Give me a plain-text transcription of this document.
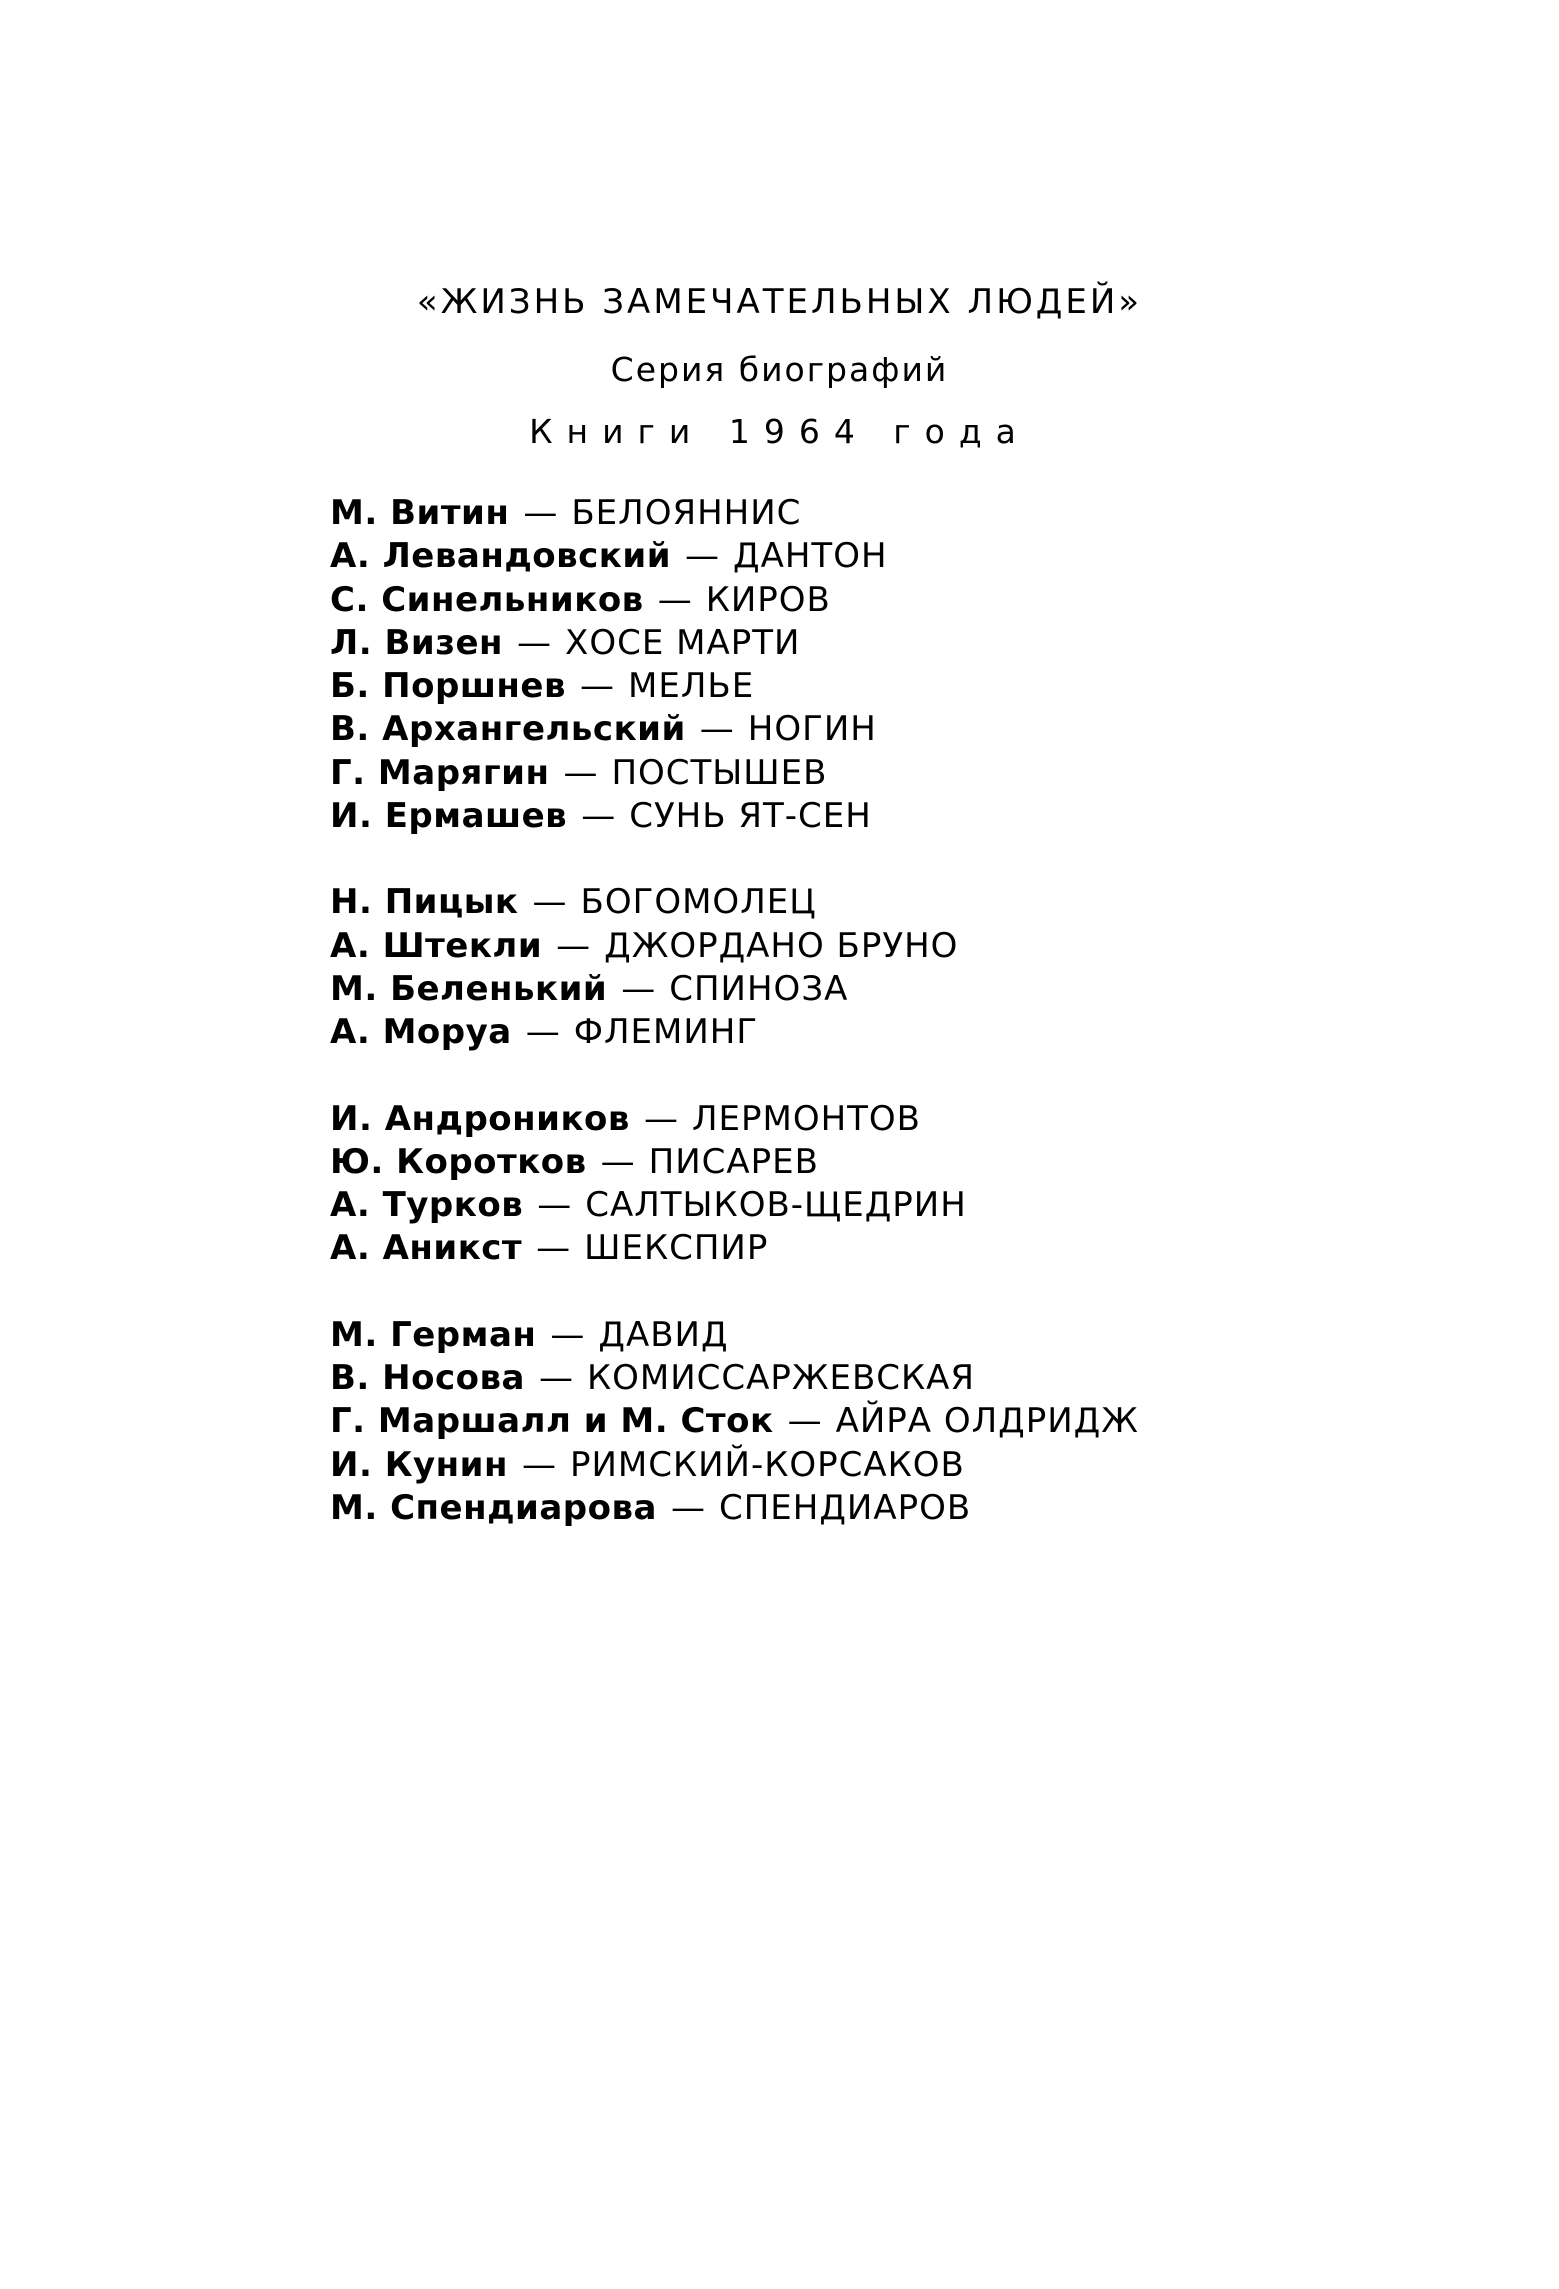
«ЖИЗНЬ ЗАМЕЧАТЕЛЬНЫХ ЛЮДЕЙ»
Серия биографий
Книги 1964 года
М. Витин — БЕЛОЯННИС
А. Левандовский — ДАНТОН
С. Синельников — КИРОВ
Л. Визен — ХОСЕ МАРТИ
Б. Поршнев — МЕЛЬЕ
В. Архангельский — НОГИН
Г. Марягин — ПОСТЫШЕВ
И. Ермашев — СУНЬ ЯТ-СЕН
Н. Пицык — БОГОМОЛЕЦ
А. Штекли — ДЖОРДАНО БРУНО
М. Беленький — СПИНОЗА
А. Моруа — ФЛЕМИНГ
И. Андроников — ЛЕРМОНТОВ
Ю. Коротков — ПИСАРЕВ
А. Турков — САЛТЫКОВ-ЩЕДРИН
А. Аникст — ШЕКСПИР
М. Герман — ДАВИД
В. Носова — КОМИССАРЖЕВСКАЯ
Г. Маршалл и М. Сток — АЙРА ОЛДРИДЖ
И. Кунин — РИМСКИЙ-КОРСАКОВ
М. Спендиарова — СПЕНДИАРОВ
